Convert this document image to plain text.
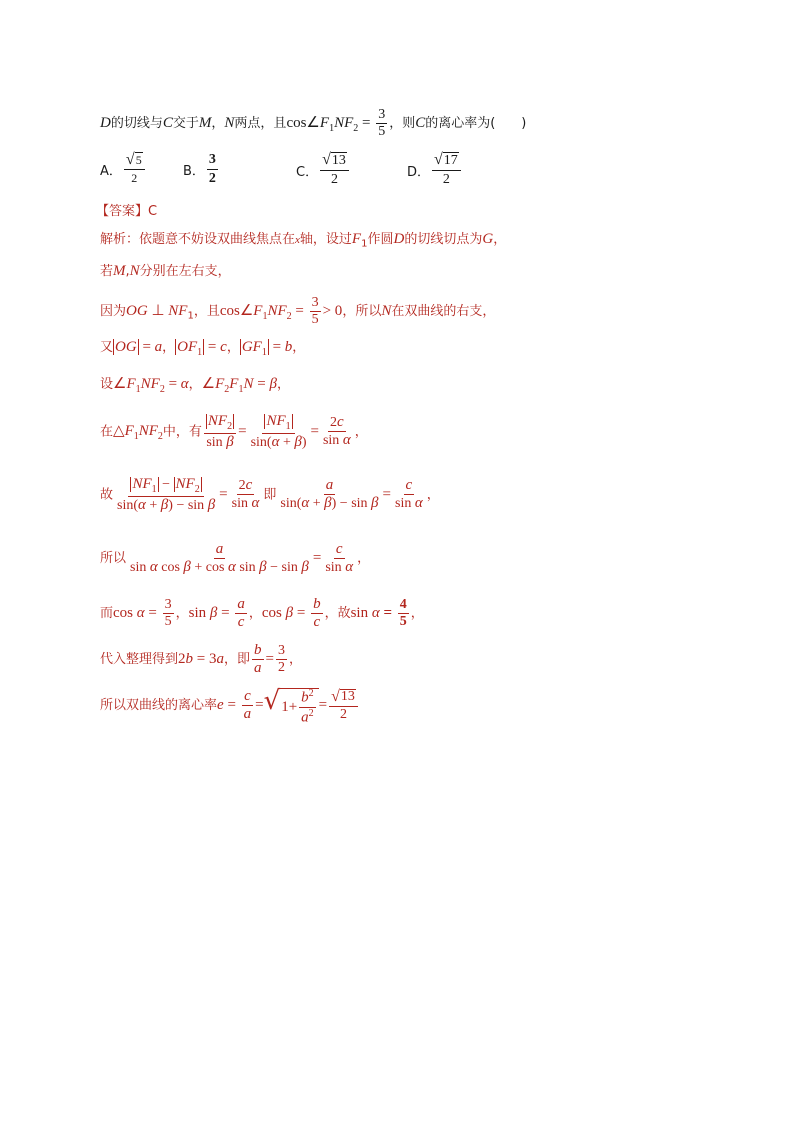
D的切线与C交于M，N两点，且$\cos\angle F_1NF_2 = \frac{3}{5}$ ，则C的离心率为(　　)
A． $\frac{√ 5}{2}$	B． $\frac{3}{2}$	C． $\frac{√ 13}{2}$	D． $\frac{√ 17}{2}$
【答案】C
解析：依题意不妨设双曲线焦点在x轴，设过$F_1$作圆D的切线切点为G，
若M,N分别在左右支，
因为OG ⊥ $NF_1$，且$\cos\angle F_1NF_2 = \frac{3}{5} > 0$，所以N在双曲线的右支，
又 OG = a， $OF_1 = c$， $GF_1 = b$，
设$\angle F_1NF_2 = \alpha$，$\angle F_2F_1N = \beta$，
在$\triangle F_1NF_2$中，有 $\frac{NF_2}{\text{sin β}} = \frac{NF_1}{\sin(\alpha + \beta)} = \frac{2c}{\text{sin α}}$ ，
故 $\frac{NF_1 - NF_2}{\text{sin(α + β) − sin β}} = \frac{2c}{\text{sin α}}$ 即 $\frac{a}{\text{sin(α + β) − sin β}} = \frac{c}{\text{sin α}}$ ，
所以 $\frac{a}{\text{sin α cos β + cos α sin β − sin β}} = \frac{c}{\text{sin α}}$ ，
而$\cos \alpha = \frac{3}{5}$ ，$\sin \beta = \frac{a}{c}$ ，$\cos \beta = \frac{b}{c}$ ，故$\sin \alpha = \frac{4}{5}$ ，
代入整理得到2b = 3a，即 $\frac{b}{a} = \frac{3}{2}$ ，
所以双曲线的离心率$e = \frac{c}{a}$ = √ $1+ \frac{b^2}{a^2} = \frac{√ 13}{2}$
